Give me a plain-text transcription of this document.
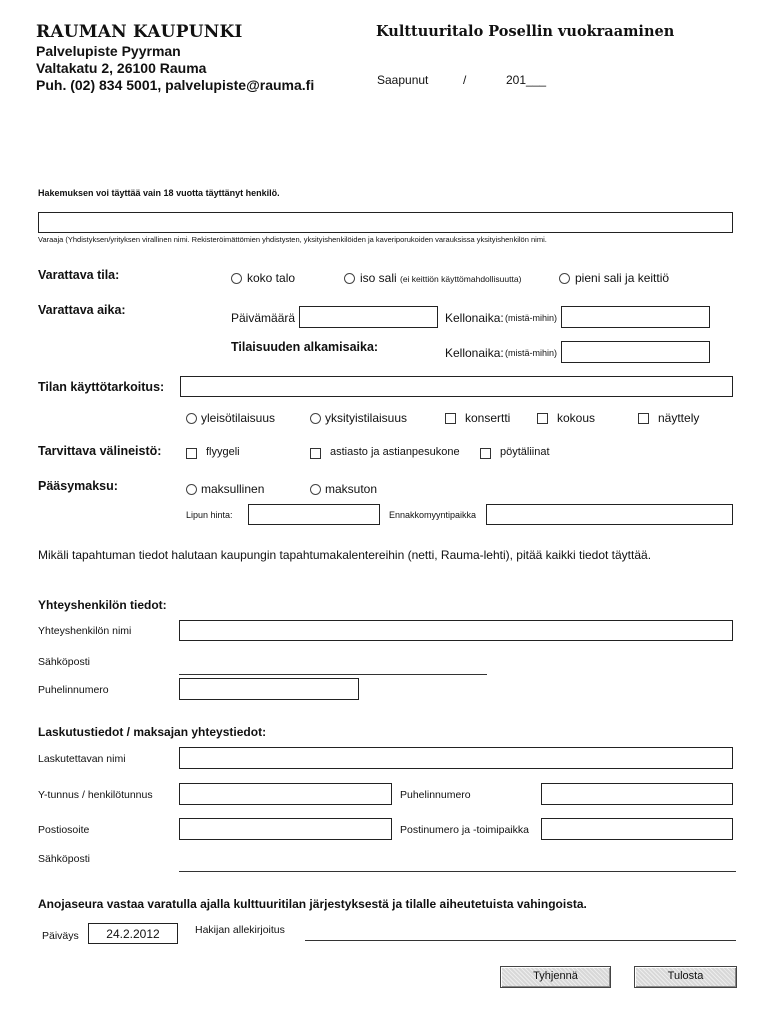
RAUMAN KAUPUNKI
Palvelupiste Pyyrman
Valtakatu 2, 26100 Rauma
Puh. (02) 834 5001, palvelupiste@rauma.fi
Kulttuuritalo Posellin vuokraaminen
Saapunut	/	201___
Hakemuksen voi täyttää vain 18 vuotta täyttänyt henkilö.
Varaaja (Yhdistyksen/yrityksen virallinen nimi. Rekisteröimättömien yhdistysten, yksityishenkilöiden ja kaveriporukoiden varauksissa yksityishenkilön nimi.
Varattava tila:	koko talo	iso sali (ei keittiön käyttömahdollisuutta)	pieni sali ja keittiö
Varattava aika:
Päivämäärä	Kellonaika: (mistä-mihin)
Tilaisuuden alkamisaika:	Kellonaika: (mistä-mihin)
Tilan käyttötarkoitus:
yleisötilaisuus	yksityistilaisuus	konsertti	kokous	näyttely
Tarvittava välineistö:	flyygeli	astiasto ja astianpesukone	pöytäliinat
Pääsymaksu:	maksullinen	maksuton
Lipun hinta:	Ennakkomyyntipaikka
Mikäli tapahtuman tiedot halutaan kaupungin tapahtumakalentereihin (netti, Rauma-lehti), pitää kaikki tiedot täyttää.
Yhteyshenkilön tiedot:
Yhteyshenkilön nimi
Sähköposti
Puhelinnumero
Laskutustiedot / maksajan yhteystiedot:
Laskutettavan nimi
Y-tunnus / henkilötunnus	Puhelinnumero
Postiosoite	Postinumero ja -toimipaikka
Sähköposti
Anojaseura vastaa varatulla ajalla kulttuuritilan järjestyksestä ja tilalle aiheutetuista vahingoista.
Päiväys	24.2.2012	Hakijan allekirjoitus
Tyhjennä	Tulosta
